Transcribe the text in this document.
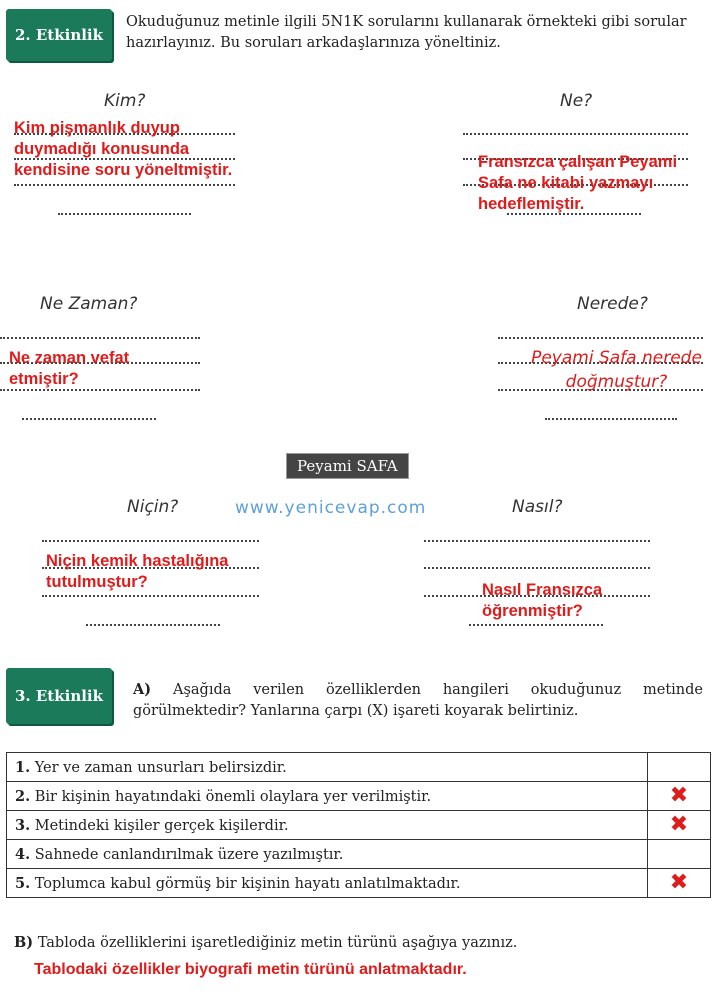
2. Etkinlik
Okuduğunuz metinle ilgili 5N1K sorularını kullanarak örnekteki gibi sorular hazırlayınız. Bu soruları arkadaşlarınıza yöneltiniz.
Kim?
Kim pişmanlık duyup duymadığı konusunda kendisine soru yöneltmiştir.
Ne?
Fransızca çalışan Peyami Safa ne kitabi yazmayı hedeflemiştir.
Ne Zaman?
Ne zaman vefat etmiştir?
Nerede?
Peyami Safa nerede doğmuştur?
Peyami SAFA
Niçin?
Niçin kemik hastalığına tutulmuştur?
www.yenicevap.com	Nasıl?
Nasıl Fransızca öğrenmiştir?
3. Etkinlik	A) Aşağıda verilen özelliklerden hangileri okuduğunuz metinde görülmektedir? Yanlarına çarpı (X) işareti koyarak belirtiniz.
1. Yer ve zaman unsurları belirsizdir.	
2. Bir kişinin hayatındaki önemli olaylara yer verilmiştir.	✖
3. Metindeki kişiler gerçek kişilerdir.	✖
4. Sahnede canlandırılmak üzere yazılmıştır.	
5. Toplumca kabul görmüş bir kişinin hayatı anlatılmaktadır.	✖
B) Tabloda özelliklerini işaretlediğiniz metin türünü aşağıya yazınız.
Tablodaki özellikler biyografi metin türünü anlatmaktadır.
